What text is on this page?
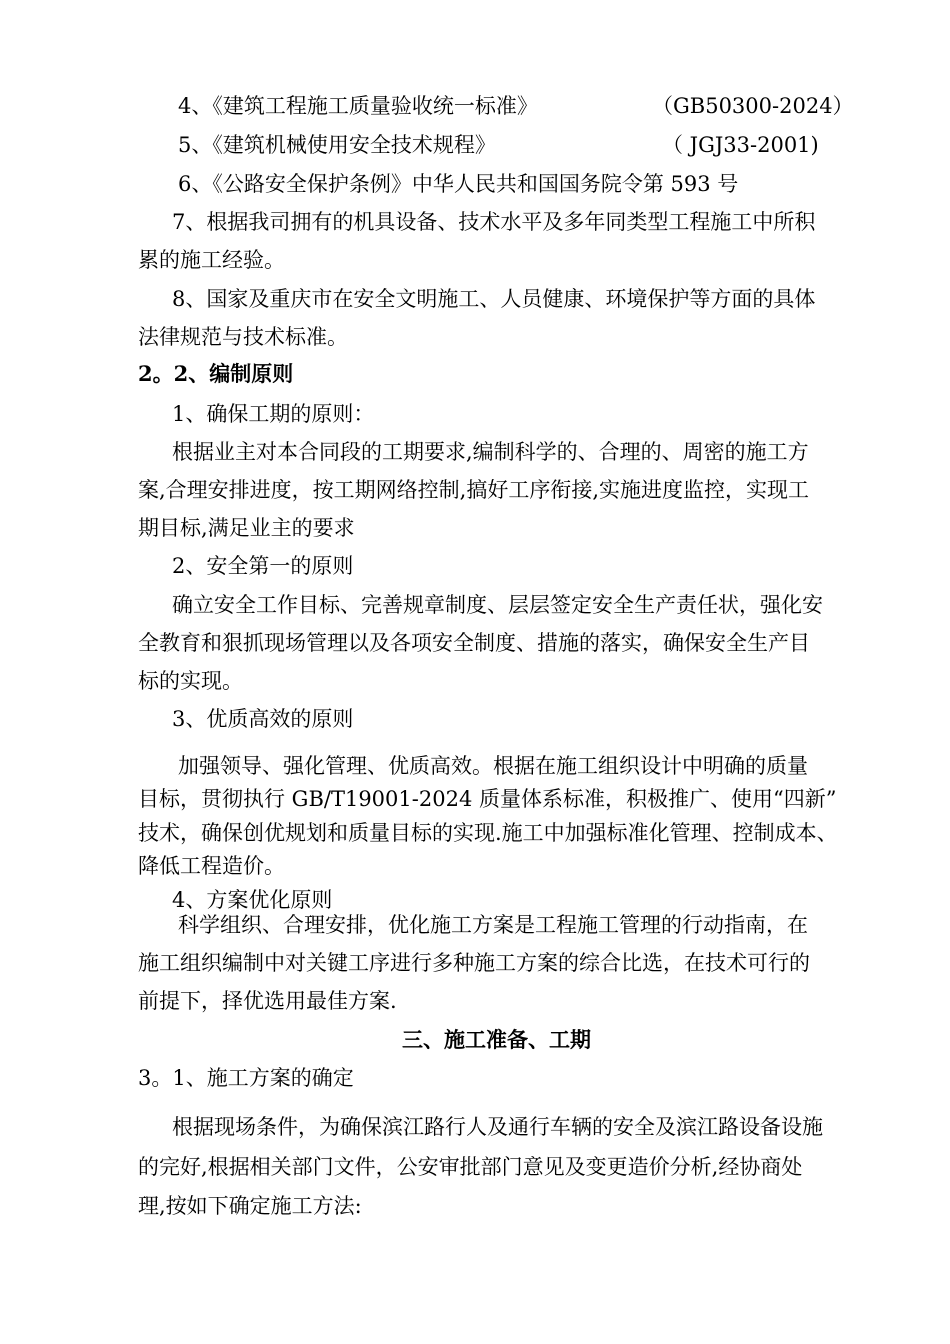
4、《建筑工程施工质量验收统一标准》	（GB50300-2024）
5、《建筑机械使用安全技术规程》	（ JGJ33-2001)
6、《公路安全保护条例》中华人民共和国国务院令第 593 号
7、根据我司拥有的机具设备、技术水平及多年同类型工程施工中所积
累的施工经验。
8、国家及重庆市在安全文明施工、人员健康、环境保护等方面的具体
法律规范与技术标准。
2。2、编制原则
1、确保工期的原则：
根据业主对本合同段的工期要求,编制科学的、合理的、周密的施工方
案,合理安排进度，按工期网络控制,搞好工序衔接,实施进度监控，实现工
期目标,满足业主的要求
2、安全第一的原则
确立安全工作目标、完善规章制度、层层签定安全生产责任状，强化安
全教育和狠抓现场管理以及各项安全制度、措施的落实，确保安全生产目
标的实现。
3、优质高效的原则
加强领导、强化管理、优质高效。根据在施工组织设计中明确的质量
目标，贯彻执行 GB/T19001-2024 质量体系标准，积极推广、使用“四新”
技术，确保创优规划和质量目标的实现.施工中加强标准化管理、控制成本、
降低工程造价。
4、方案优化原则
科学组织、合理安排，优化施工方案是工程施工管理的行动指南，在
施工组织编制中对关键工序进行多种施工方案的综合比选，在技术可行的
前提下，择优选用最佳方案.
三、施工准备、工期
3。1、施工方案的确定
根据现场条件，为确保滨江路行人及通行车辆的安全及滨江路设备设施
的完好,根据相关部门文件，公安审批部门意见及变更造价分析,经协商处
理,按如下确定施工方法:
